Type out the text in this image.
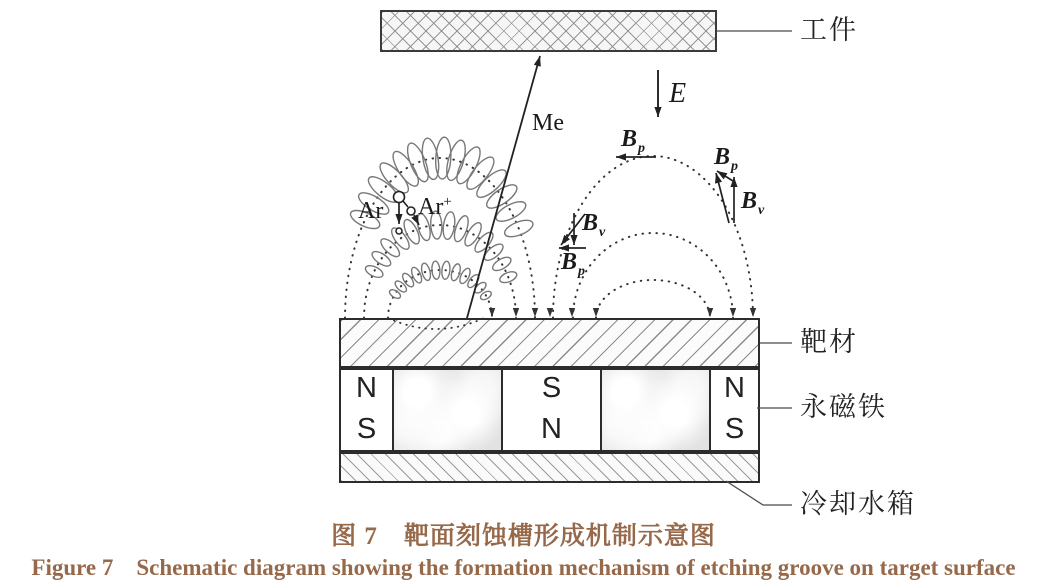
N
S
S
N
N
S
工件
靶材
永磁铁
冷却水箱
Me
E
Ar Ar+
$B_p$
$B_v$
$B_p$
$B_p$
$B_v$
图 7　靶面刻蚀槽形成机制示意图
Figure 7　Schematic diagram showing the formation mechanism of etching groove on target surface
